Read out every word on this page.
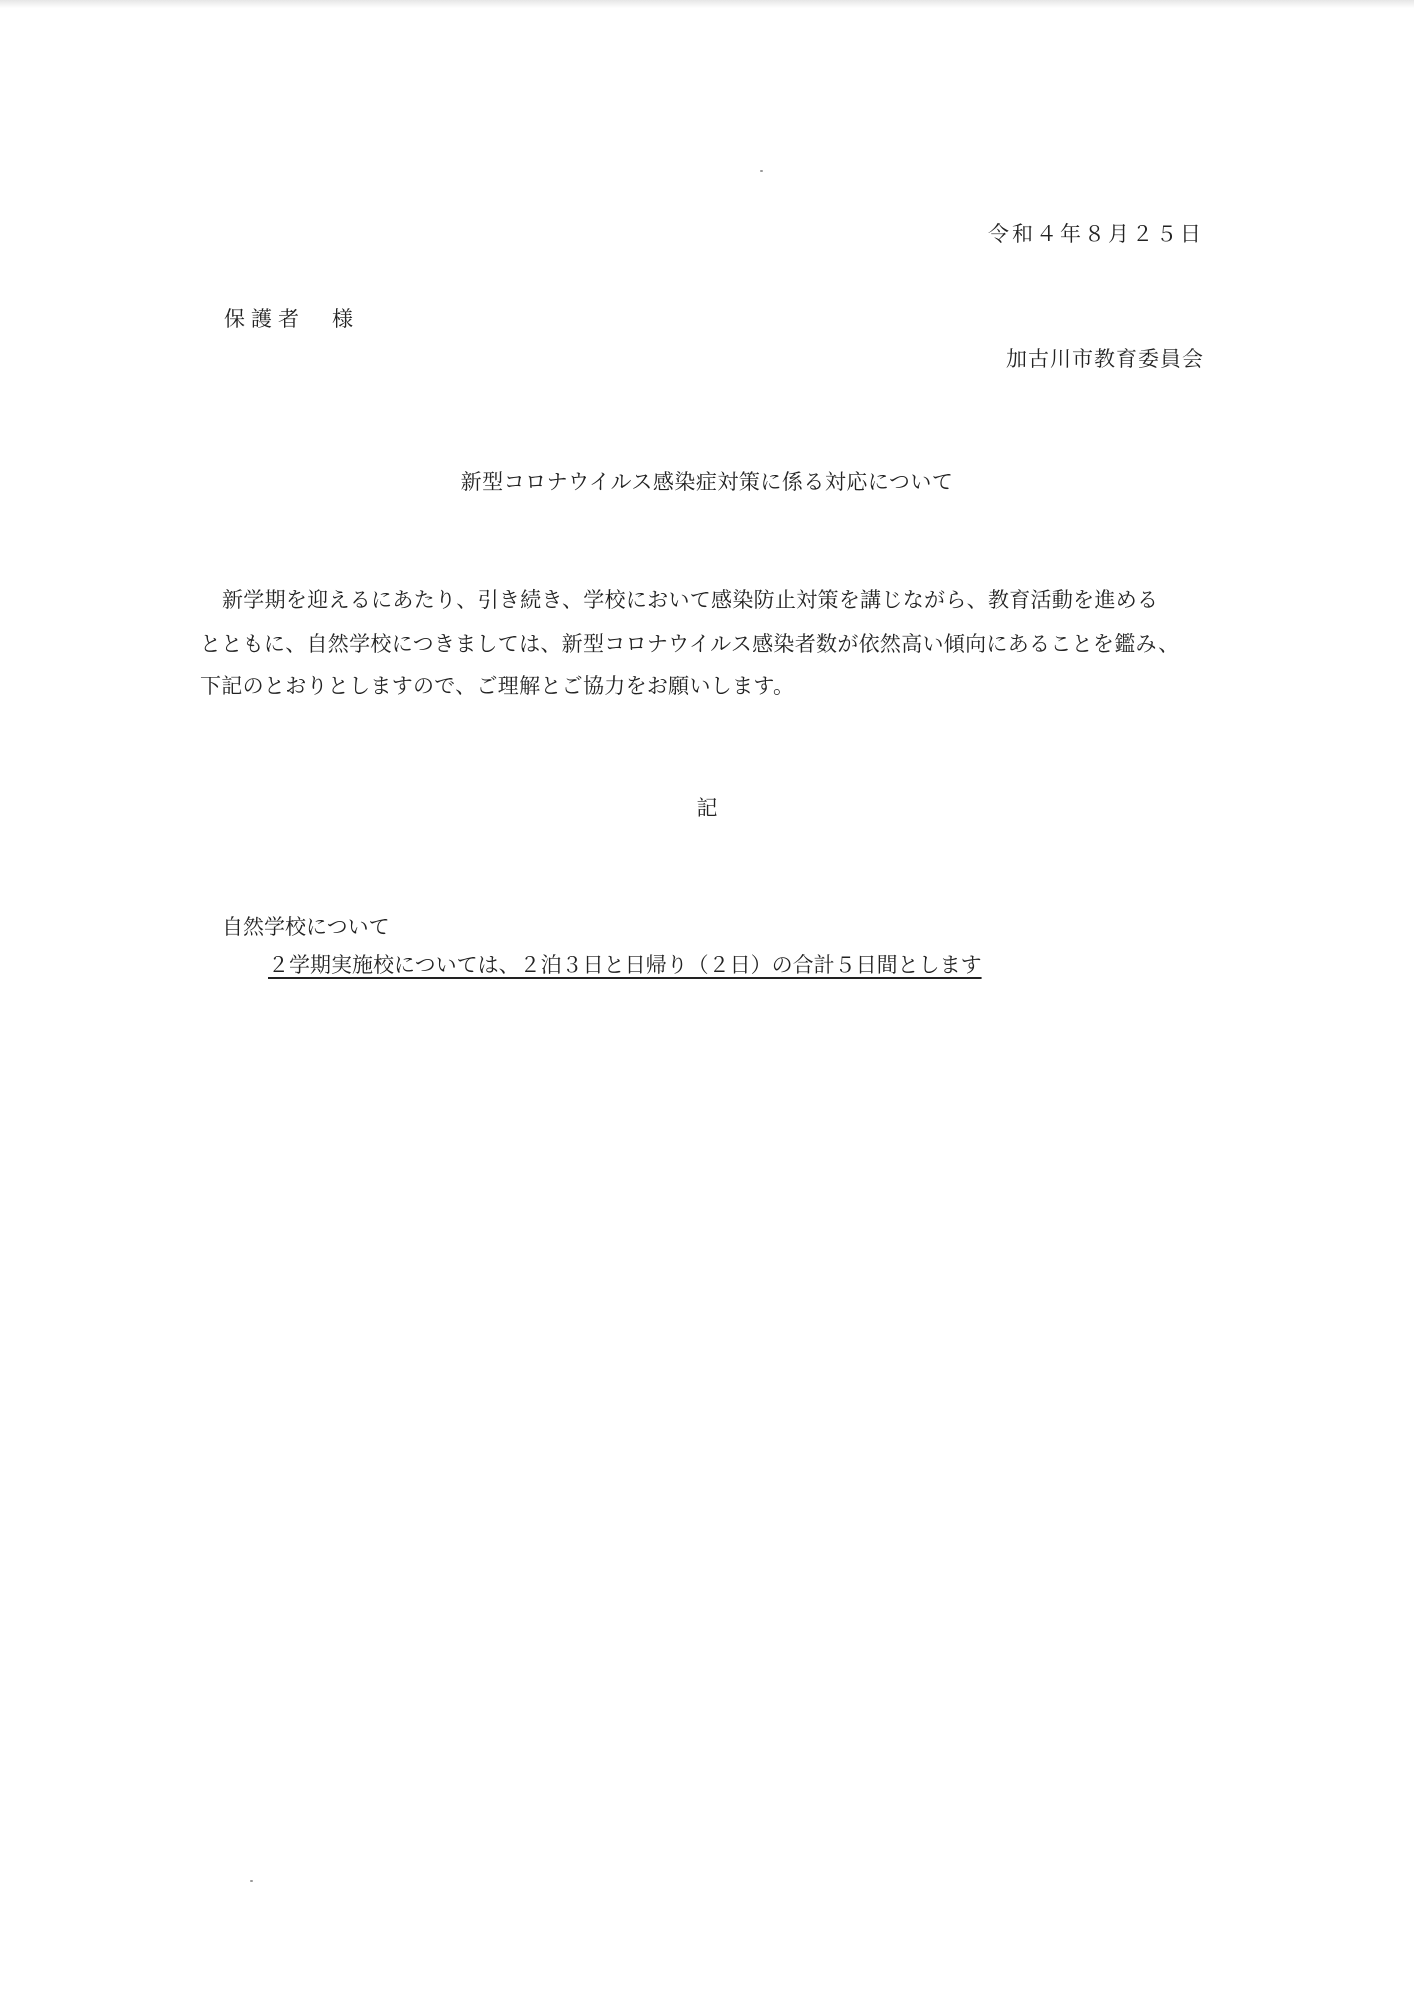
令和４年８月２５日
保護者　様
加古川市教育委員会
新型コロナウイルス感染症対策に係る対応について
新学期を迎えるにあたり、引き続き、学校において感染防止対策を講じながら、教育活動を進める
とともに、自然学校につきましては、新型コロナウイルス感染者数が依然高い傾向にあることを鑑み、
下記のとおりとしますので、ご理解とご協力をお願いします。
記
自然学校について
２学期実施校については、２泊３日と日帰り（２日）の合計５日間とします
